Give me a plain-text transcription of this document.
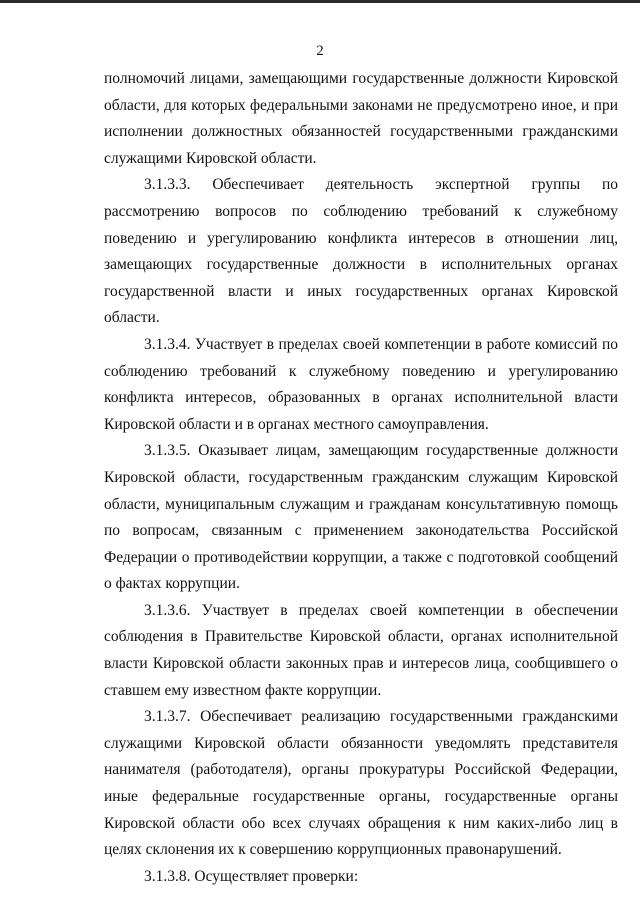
2

полномочий лицами, замещающими государственные должности Кировской области, для которых федеральными законами не предусмотрено иное, и при исполнении должностных обязанностей государственными гражданскими служащими Кировской области.

3.1.3.3. Обеспечивает деятельность экспертной группы по рассмотрению вопросов по соблюдению требований к служебному поведению и урегулированию конфликта интересов в отношении лиц, замещающих государственные должности в исполнительных органах государственной власти и иных государственных органах Кировской области.

3.1.3.4. Участвует в пределах своей компетенции в работе комиссий по соблюдению требований к служебному поведению и урегулированию конфликта интересов, образованных в органах исполнительной власти Кировской области и в органах местного самоуправления.

3.1.3.5. Оказывает лицам, замещающим государственные должности Кировской области, государственным гражданским служащим Кировской области, муниципальным служащим и гражданам консультативную помощь по вопросам, связанным с применением законодательства Российской Федерации о противодействии коррупции, а также с подготовкой сообщений о фактах коррупции.

3.1.3.6. Участвует в пределах своей компетенции в обеспечении соблюдения в Правительстве Кировской области, органах исполнительной власти Кировской области законных прав и интересов лица, сообщившего о ставшем ему известном факте коррупции.

3.1.3.7. Обеспечивает реализацию государственными гражданскими служащими Кировской области обязанности уведомлять представителя нанимателя (работодателя), органы прокуратуры Российской Федерации, иные федеральные государственные органы, государственные органы Кировской области обо всех случаях обращения к ним каких-либо лиц в целях склонения их к совершению коррупционных правонарушений.

3.1.3.8. Осуществляет проверки:
